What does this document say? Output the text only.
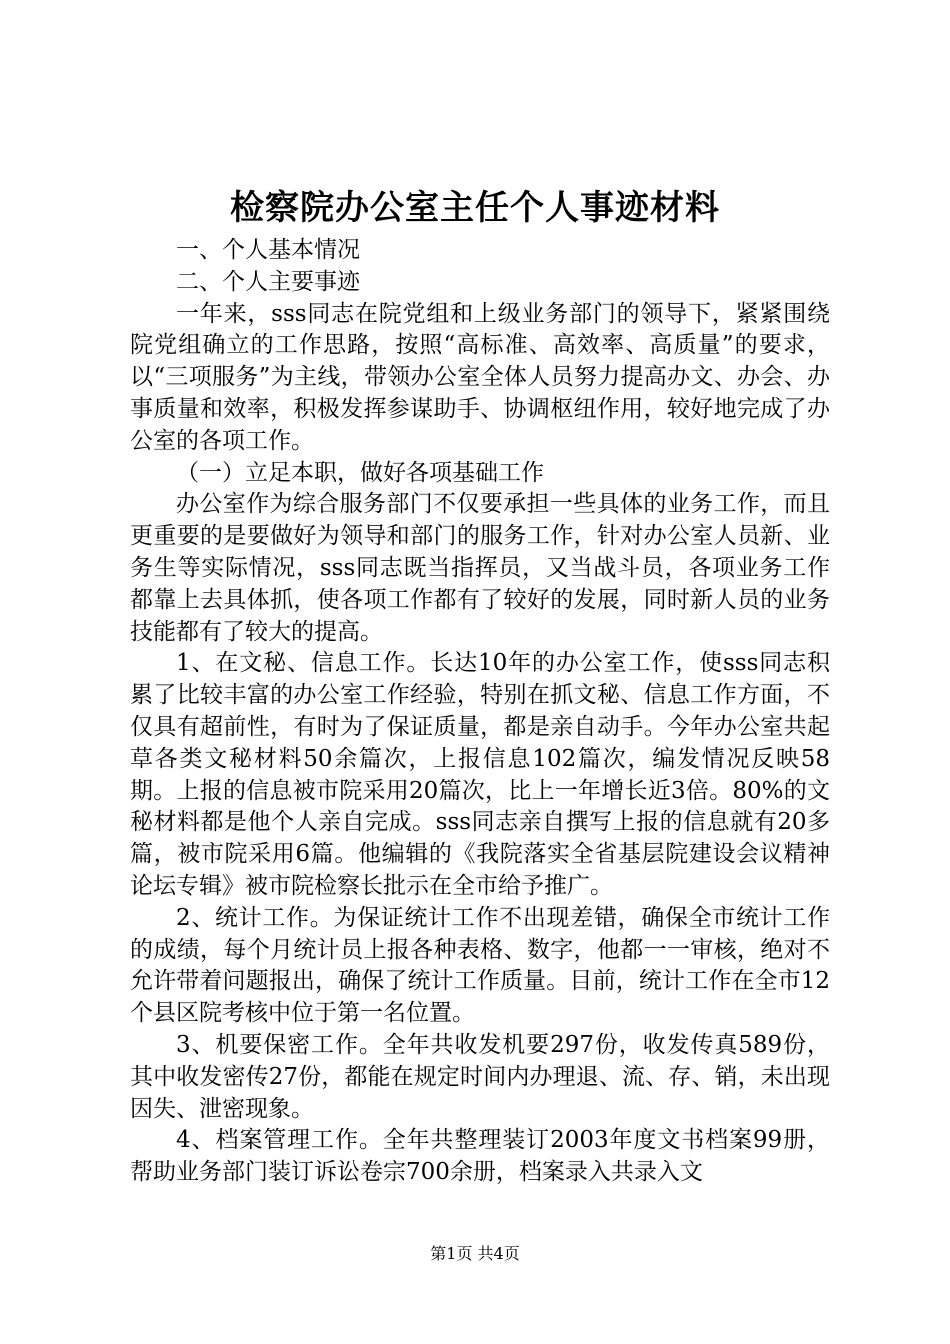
检察院办公室主任个人事迹材料

一、个人基本情况

二、个人主要事迹

一年来，sss同志在院党组和上级业务部门的领导下，紧紧围绕院党组确立的工作思路，按照“高标准、高效率、高质量”的要求，以“三项服务”为主线，带领办公室全体人员努力提高办文、办会、办事质量和效率，积极发挥参谋助手、协调枢纽作用，较好地完成了办公室的各项工作。

（一）立足本职，做好各项基础工作

办公室作为综合服务部门不仅要承担一些具体的业务工作，而且更重要的是要做好为领导和部门的服务工作，针对办公室人员新、业务生等实际情况，sss同志既当指挥员，又当战斗员，各项业务工作都靠上去具体抓，使各项工作都有了较好的发展，同时新人员的业务技能都有了较大的提高。

1、在文秘、信息工作。长达10年的办公室工作，使sss同志积累了比较丰富的办公室工作经验，特别在抓文秘、信息工作方面，不仅具有超前性，有时为了保证质量，都是亲自动手。今年办公室共起草各类文秘材料50余篇次，上报信息102篇次，编发情况反映58期。上报的信息被市院采用20篇次，比上一年增长近3倍。80%的文秘材料都是他个人亲自完成。sss同志亲自撰写上报的信息就有20多篇，被市院采用6篇。他编辑的《我院落实全省基层院建设会议精神论坛专辑》被市院检察长批示在全市给予推广。

2、统计工作。为保证统计工作不出现差错，确保全市统计工作的成绩，每个月统计员上报各种表格、数字，他都一一审核，绝对不允许带着问题报出，确保了统计工作质量。目前，统计工作在全市12个县区院考核中位于第一名位置。

3、机要保密工作。全年共收发机要297份，收发传真589份，其中收发密传27份，都能在规定时间内办理退、流、存、销，未出现因失、泄密现象。

4、档案管理工作。全年共整理装订2003年度文书档案99册，帮助业务部门装订诉讼卷宗700余册，档案录入共录入文

第1页 共4页
